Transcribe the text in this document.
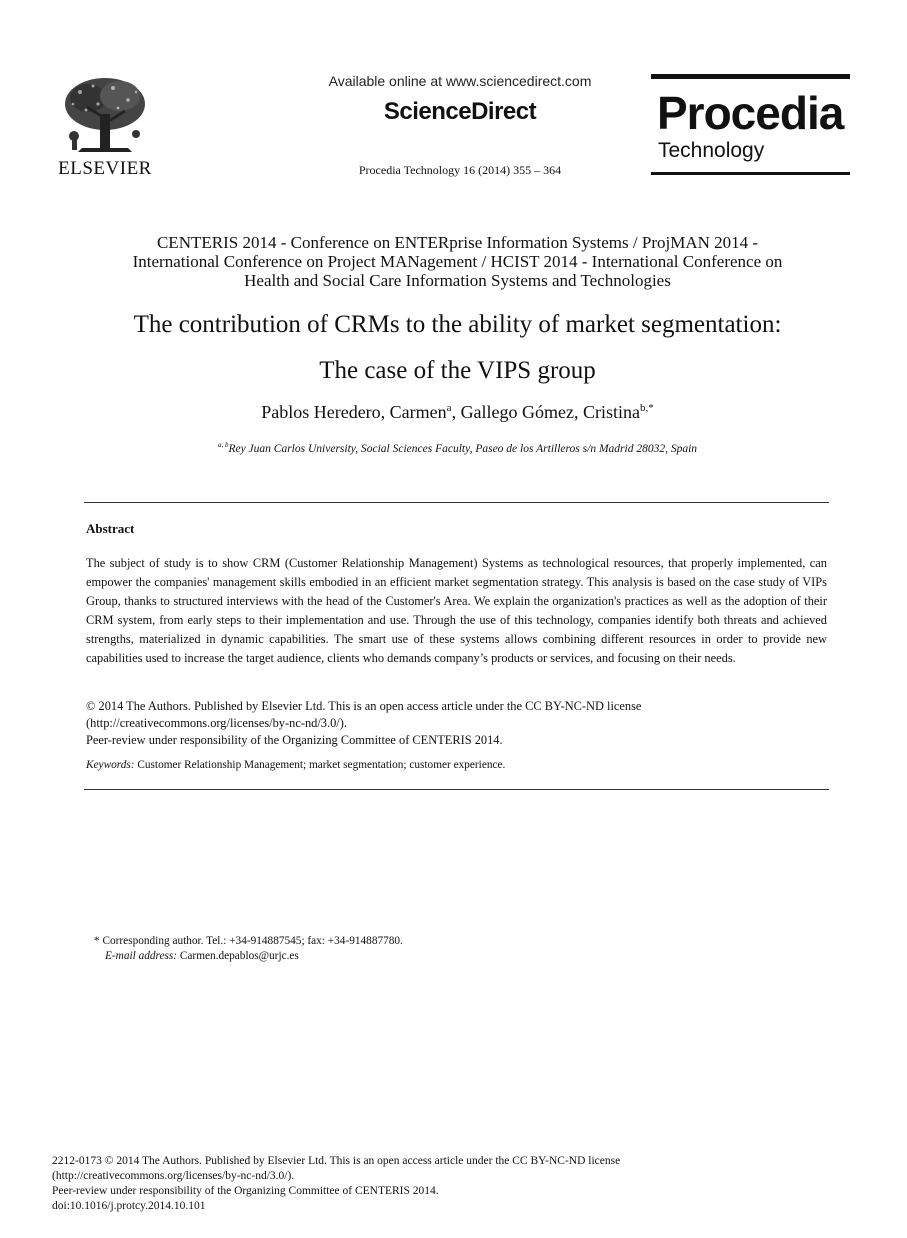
ELSEVIER
Available online at www.sciencedirect.com
ScienceDirect
Procedia Technology 16 (2014) 355 – 364
Procedia
Technology
CENTERIS 2014 - Conference on ENTERprise Information Systems / ProjMAN 2014 -
International Conference on Project MANagement / HCIST 2014 - International Conference on
Health and Social Care Information Systems and Technologies
The contribution of CRMs to the ability of market segmentation:
The case of the VIPS group
Pablos Heredero, Carmen$^a$, Gallego Gómez, Cristina$^{b,*}$
$^{a, b}$Rey Juan Carlos University, Social Sciences Faculty, Paseo de los Artilleros s/n Madrid 28032, Spain
Abstract
The subject of study is to show CRM (Customer Relationship Management) Systems as technological resources, that properly implemented, can empower the companies' management skills embodied in an efficient market segmentation strategy. This analysis is based on the case study of VIPs Group, thanks to structured interviews with the head of the Customer's Area. We explain the organization's practices as well as the adoption of their CRM system, from early steps to their implementation and use. Through the use of this technology, companies identify both threats and achieved strengths, materialized in dynamic capabilities. The smart use of these systems allows combining different resources in order to provide new capabilities used to increase the target audience, clients who demands company’s products or services, and focusing on their needs.
© 2014 The Authors. Published by Elsevier Ltd. This is an open access article under the CC BY-NC-ND license
(http://creativecommons.org/licenses/by-nc-nd/3.0/).
Peer-review under responsibility of the Organizing Committee of CENTERIS 2014.
Keywords: Customer Relationship Management; market segmentation; customer experience.
* Corresponding author. Tel.: +34-914887545; fax: +34-914887780.
E-mail address: Carmen.depablos@urjc.es
2212-0173 © 2014 The Authors. Published by Elsevier Ltd. This is an open access article under the CC BY-NC-ND license
(http://creativecommons.org/licenses/by-nc-nd/3.0/).
Peer-review under responsibility of the Organizing Committee of CENTERIS 2014.
doi:10.1016/j.protcy.2014.10.101
